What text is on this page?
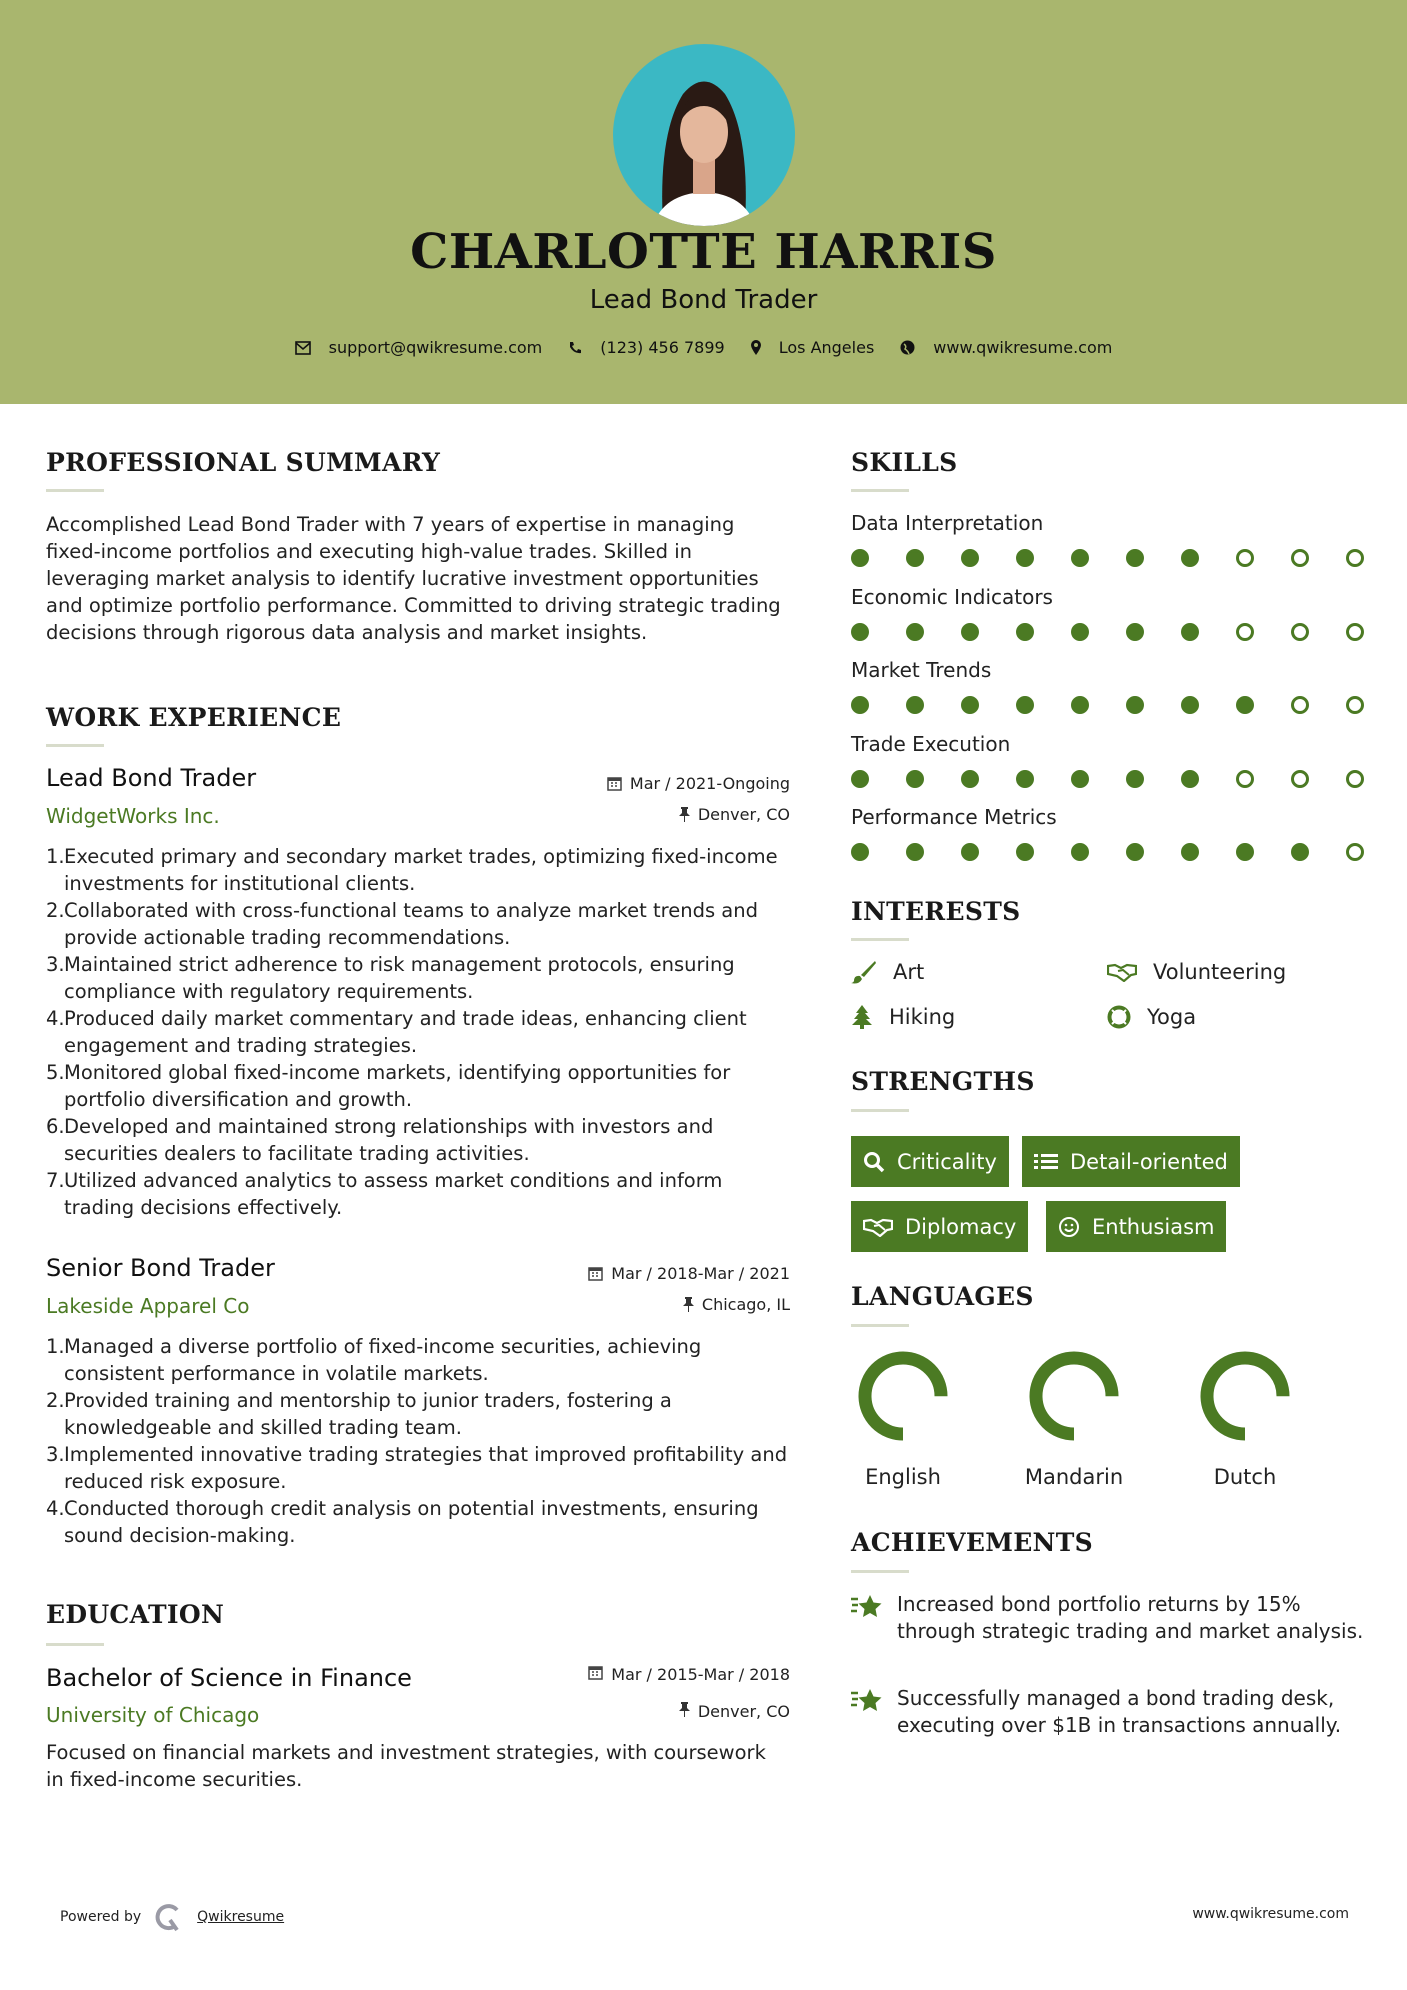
CHARLOTTE HARRIS
Lead Bond Trader
support@qwikresume.com	(123) 456 7899	Los Angeles	www.qwikresume.com
PROFESSIONAL SUMMARY
Accomplished Lead Bond Trader with 7 years of expertise in managing fixed-income portfolios and executing high-value trades. Skilled in leveraging market analysis to identify lucrative investment opportunities and optimize portfolio performance. Committed to driving strategic trading decisions through rigorous data analysis and market insights.
WORK EXPERIENCE
Lead Bond Trader
WidgetWorks Inc.
Mar / 2021-Ongoing
Denver, CO
1. Executed primary and secondary market trades, optimizing fixed-income investments for institutional clients.
2. Collaborated with cross-functional teams to analyze market trends and provide actionable trading recommendations.
3. Maintained strict adherence to risk management protocols, ensuring compliance with regulatory requirements.
4. Produced daily market commentary and trade ideas, enhancing client engagement and trading strategies.
5. Monitored global fixed-income markets, identifying opportunities for portfolio diversification and growth.
6. Developed and maintained strong relationships with investors and securities dealers to facilitate trading activities.
7. Utilized advanced analytics to assess market conditions and inform trading decisions effectively.
Senior Bond Trader
Lakeside Apparel Co
Mar / 2018-Mar / 2021
Chicago, IL
1. Managed a diverse portfolio of fixed-income securities, achieving consistent performance in volatile markets.
2. Provided training and mentorship to junior traders, fostering a knowledgeable and skilled trading team.
3. Implemented innovative trading strategies that improved profitability and reduced risk exposure.
4. Conducted thorough credit analysis on potential investments, ensuring sound decision-making.
EDUCATION
Bachelor of Science in Finance
University of Chicago
Mar / 2015-Mar / 2018
Denver, CO
Focused on financial markets and investment strategies, with coursework in fixed-income securities.
SKILLS
Data Interpretation
Economic Indicators
Market Trends
Trade Execution
Performance Metrics
INTERESTS
Art	Volunteering
Hiking	Yoga
STRENGTHS
Criticality	Detail-oriented
Diplomacy	Enthusiasm
LANGUAGES
English	Mandarin	Dutch
ACHIEVEMENTS
Increased bond portfolio returns by 15% through strategic trading and market analysis.
Successfully managed a bond trading desk, executing over $1B in transactions annually.
Powered by	Qwikresume	www.qwikresume.com
